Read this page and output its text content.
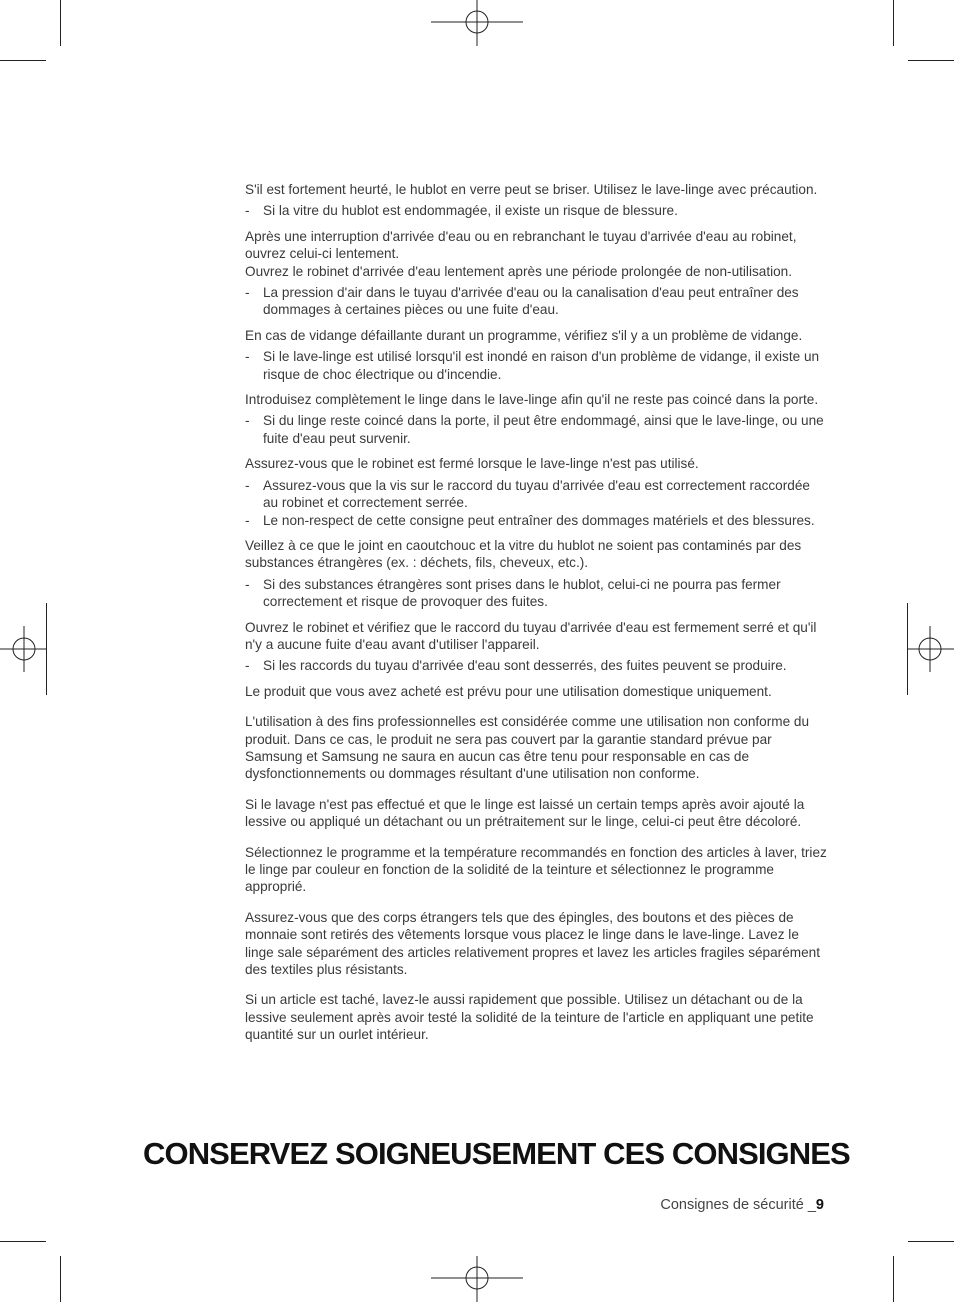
S'il est fortement heurté, le hublot en verre peut se briser. Utilisez le lave-linge avec précaution.

- Si la vitre du hublot est endommagée, il existe un risque de blessure.

Après une interruption d'arrivée d'eau ou en rebranchant le tuyau d'arrivée d'eau au robinet, ouvrez celui-ci lentement.

Ouvrez le robinet d'arrivée d'eau lentement après une période prolongée de non-utilisation.

- La pression d'air dans le tuyau d'arrivée d'eau ou la canalisation d'eau peut entraîner des dommages à certaines pièces ou une fuite d'eau.

En cas de vidange défaillante durant un programme, vérifiez s'il y a un problème de vidange.

- Si le lave-linge est utilisé lorsqu'il est inondé en raison d'un problème de vidange, il existe un risque de choc électrique ou d'incendie.

Introduisez complètement le linge dans le lave-linge afin qu'il ne reste pas coincé dans la porte.

- Si du linge reste coincé dans la porte, il peut être endommagé, ainsi que le lave-linge, ou une fuite d'eau peut survenir.

Assurez-vous que le robinet est fermé lorsque le lave-linge n'est pas utilisé.

- Assurez-vous que la vis sur le raccord du tuyau d'arrivée d'eau est correctement raccordée au robinet et correctement serrée.
- Le non-respect de cette consigne peut entraîner des dommages matériels et des blessures.

Veillez à ce que le joint en caoutchouc et la vitre du hublot ne soient pas contaminés par des substances étrangères (ex. : déchets, fils, cheveux, etc.).

- Si des substances étrangères sont prises dans le hublot, celui-ci ne pourra pas fermer correctement et risque de provoquer des fuites.

Ouvrez le robinet et vérifiez que le raccord du tuyau d'arrivée d'eau est fermement serré et qu'il n'y a aucune fuite d'eau avant d'utiliser l'appareil.

- Si les raccords du tuyau d'arrivée d'eau sont desserrés, des fuites peuvent se produire.

Le produit que vous avez acheté est prévu pour une utilisation domestique uniquement.

L'utilisation à des fins professionnelles est considérée comme une utilisation non conforme du produit. Dans ce cas, le produit ne sera pas couvert par la garantie standard prévue par Samsung et Samsung ne saura en aucun cas être tenu pour responsable en cas de dysfonctionnements ou dommages résultant d'une utilisation non conforme.

Si le lavage n'est pas effectué et que le linge est laissé un certain temps après avoir ajouté la lessive ou appliqué un détachant ou un prétraitement sur le linge, celui-ci peut être décoloré.

Sélectionnez le programme et la température recommandés en fonction des articles à laver, triez le linge par couleur en fonction de la solidité de la teinture et sélectionnez le programme approprié.

Assurez-vous que des corps étrangers tels que des épingles, des boutons et des pièces de monnaie sont retirés des vêtements lorsque vous placez le linge dans le lave-linge. Lavez le linge sale séparément des articles relativement propres et lavez les articles fragiles séparément des textiles plus résistants.

Si un article est taché, lavez-le aussi rapidement que possible. Utilisez un détachant ou de la lessive seulement après avoir testé la solidité de la teinture de l'article en appliquant une petite quantité sur un ourlet intérieur.

CONSERVEZ SOIGNEUSEMENT CES CONSIGNES
Consignes de sécurité _9
